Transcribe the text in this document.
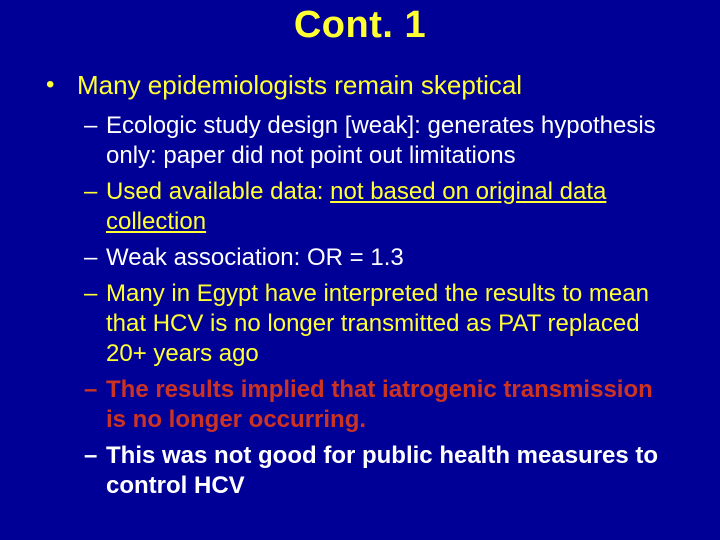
Cont. 1
• Many epidemiologists remain skeptical
– Ecologic study design [weak]: generates hypothesis only: paper did not point out limitations
– Used available data: not based on original data collection
– Weak association: OR = 1.3
– Many in Egypt have interpreted the results to mean that HCV is no longer transmitted as PAT replaced 20+ years ago
– The results implied that iatrogenic transmission is no longer occurring.
– This was not good for public health measures to control HCV
